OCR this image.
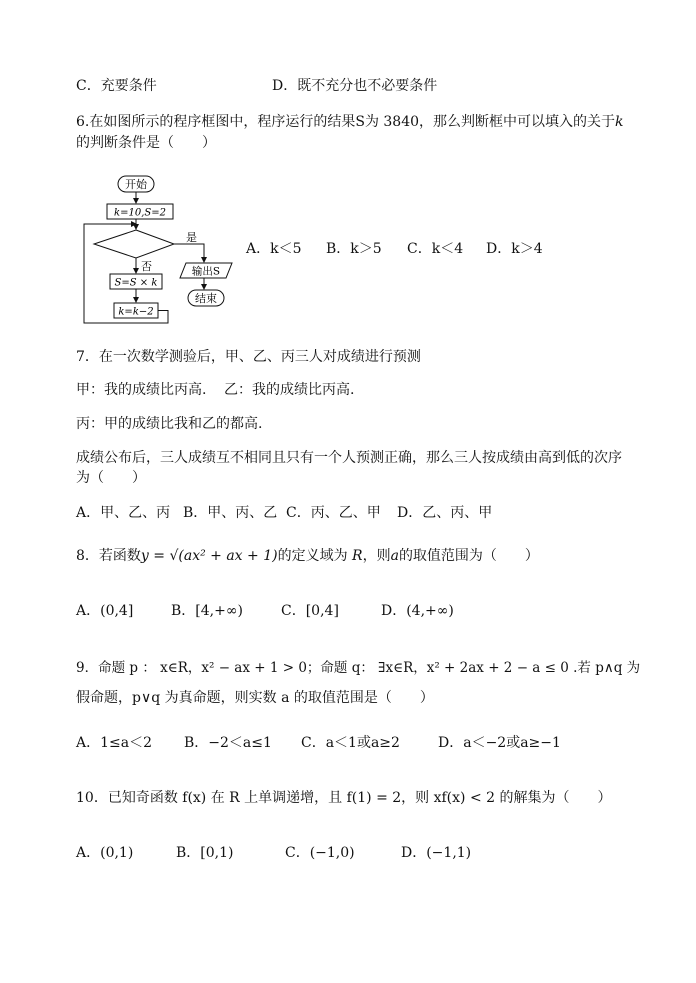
C．充要条件	D．既不充分也不必要条件
6.在如图所示的程序框图中，程序运行的结果S为 3840，那么判断框中可以填入的关于k
的判断条件是（　　）
开始
k=10,S=2
是
输出S
结束
否
S=S × k
k=k−2
A．k＜5 B．k＞5 C．k＜4 D．k＞4
7．在一次数学测验后，甲、乙、丙三人对成绩进行预测
甲：我的成绩比丙高. 乙：我的成绩比丙高.
丙：甲的成绩比我和乙的都高.
成绩公布后，三人成绩互不相同且只有一个人预测正确，那么三人按成绩由高到低的次序
为（　　）
A．甲、乙、丙 B．甲、丙、乙 C．丙、乙、甲 D．乙、丙、甲
8．若函数y = √(ax² + ax + 1)的定义域为 R，则a的取值范围为（　　）
A．(0,4]	B．[4,+∞)	C．[0,4]	D．(4,+∞)
9．命题 p ： x∈R，x² − ax + 1 > 0；命题 q： ∃x∈R，x² + 2ax + 2 − a ≤ 0 .若 p∧q 为
假命题，p∨q 为真命题，则实数 a 的取值范围是（　　）
A．1≤a＜2 B．−2＜a≤1 C．a＜1或a≥2	D．a＜−2或a≥−1
10．已知奇函数 f(x) 在 R 上单调递增，且 f(1) = 2，则 xf(x) < 2 的解集为（　　）
A．(0,1)	B．[0,1)	C．(−1,0)	D．(−1,1)
